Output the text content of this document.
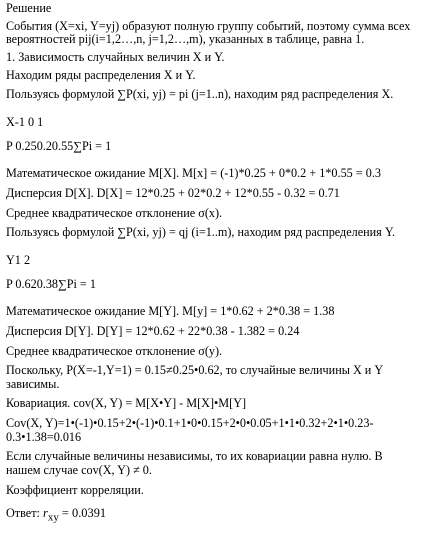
Решение
События (X=xi, Y=yj) образуют полную группу событий, поэтому сумма всех вероятностей pij(i=1,2…,n, j=1,2…,m), указанных в таблице, равна 1.
1. Зависимость случайных величин X и Y.
Находим ряды распределения X и Y.
Пользуясь формулой ∑P(xi, yj) = pi (j=1..n), находим ряд распределения X.
X-1 0 1
P 0.250.20.55∑Pi = 1
Математическое ожидание M[X]. M[x] = (-1)*0.25 + 0*0.2 + 1*0.55 = 0.3
Дисперсия D[X]. D[X] = 12*0.25 + 02*0.2 + 12*0.55 - 0.32 = 0.71
Среднее квадратическое отклонение σ(x).
Пользуясь формулой ∑P(xi, yj) = qj (i=1..m), находим ряд распределения Y.
Y1 2
P 0.620.38∑Pi = 1
Математическое ожидание M[Y]. M[y] = 1*0.62 + 2*0.38 = 1.38
Дисперсия D[Y]. D[Y] = 12*0.62 + 22*0.38 - 1.382 = 0.24
Среднее квадратическое отклонение σ(y).
Поскольку, P(X=-1,Y=1) = 0.15≠0.25•0.62, то случайные величины X и Y зависимы.
Ковариация. cov(X, Y) = M[X•Y] - M[X]•M[Y]
Cov(X, Y)=1•(-1)•0.15+2•(-1)•0.1+1•0•0.15+2•0•0.05+1•1•0.32+2•1•0.23-0.3•1.38=0.016
Если случайные величины независимы, то их ковариации равна нулю. В нашем случае cov(X, Y) ≠ 0.
Коэффициент корреляции.
Ответ: $r_{xy} = 0.0391$
